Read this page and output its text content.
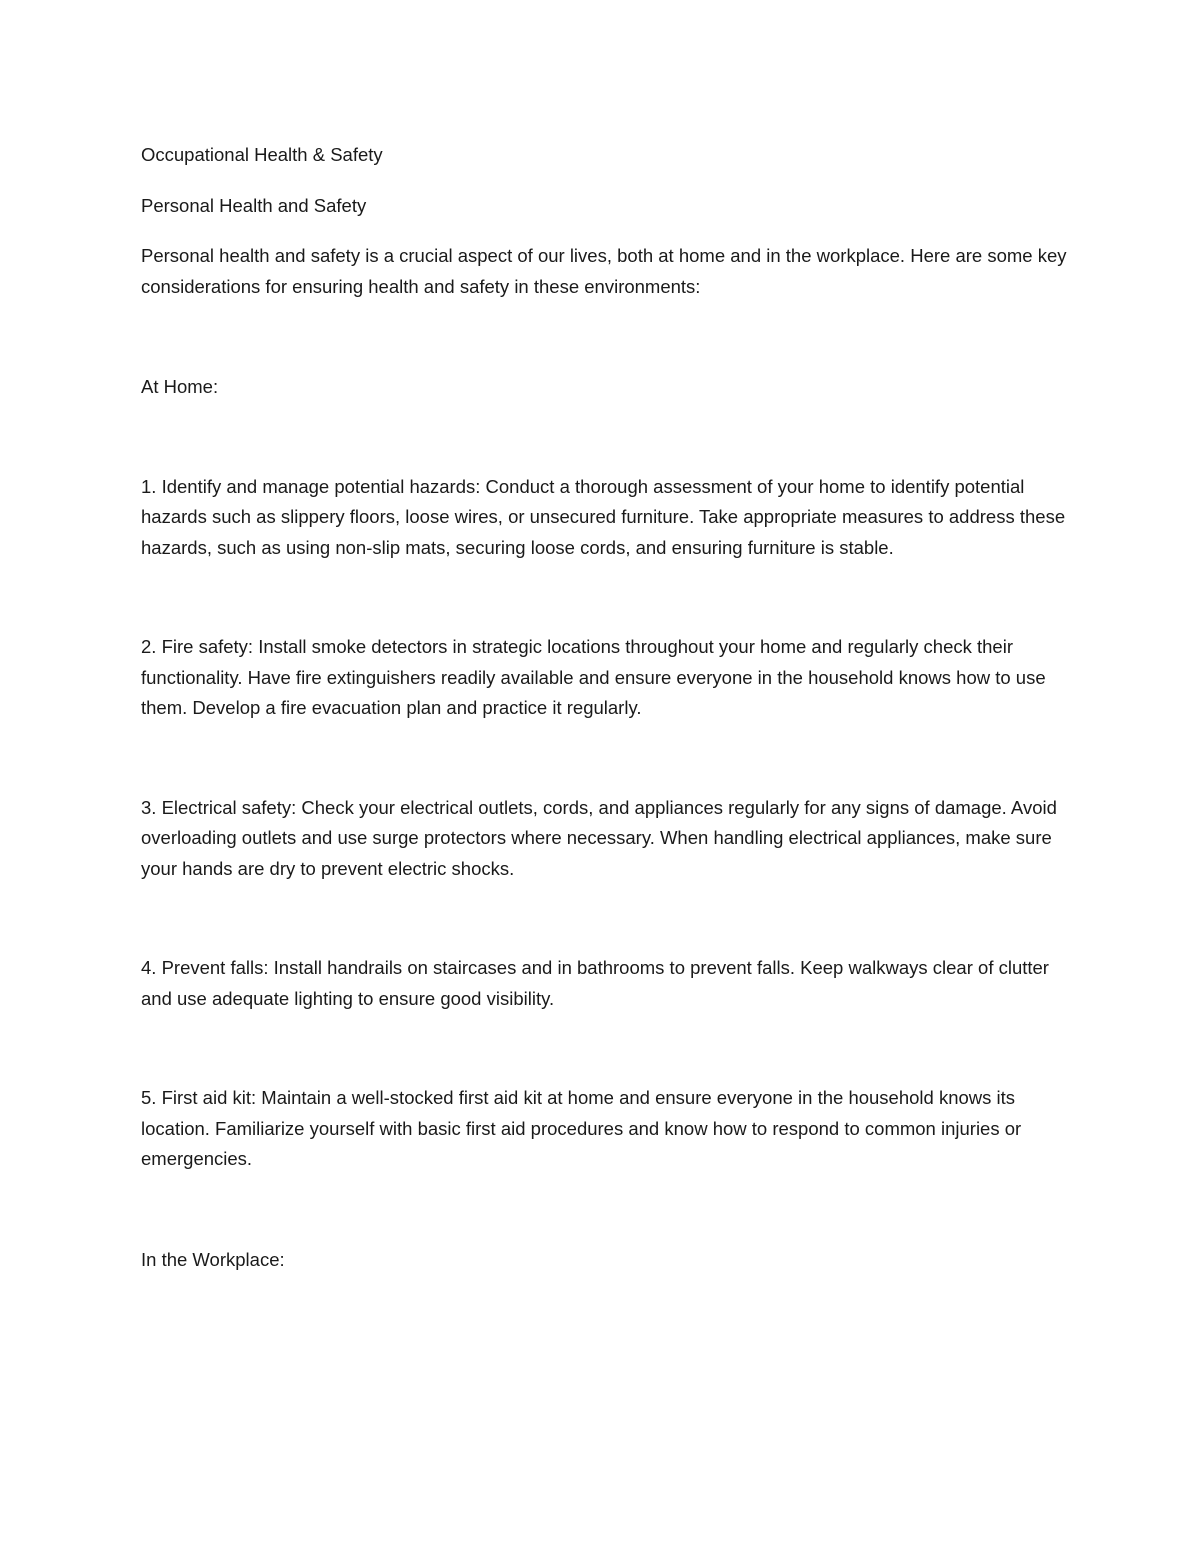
Occupational Health & Safety

Personal Health and Safety

Personal health and safety is a crucial aspect of our lives, both at home and in the workplace. Here are some key considerations for ensuring health and safety in these environments:

At Home:

1. Identify and manage potential hazards: Conduct a thorough assessment of your home to identify potential hazards such as slippery floors, loose wires, or unsecured furniture. Take appropriate measures to address these hazards, such as using non-slip mats, securing loose cords, and ensuring furniture is stable.

2. Fire safety: Install smoke detectors in strategic locations throughout your home and regularly check their functionality. Have fire extinguishers readily available and ensure everyone in the household knows how to use them. Develop a fire evacuation plan and practice it regularly.

3. Electrical safety: Check your electrical outlets, cords, and appliances regularly for any signs of damage. Avoid overloading outlets and use surge protectors where necessary. When handling electrical appliances, make sure your hands are dry to prevent electric shocks.

4. Prevent falls: Install handrails on staircases and in bathrooms to prevent falls. Keep walkways clear of clutter and use adequate lighting to ensure good visibility.

5. First aid kit: Maintain a well-stocked first aid kit at home and ensure everyone in the household knows its location. Familiarize yourself with basic first aid procedures and know how to respond to common injuries or emergencies.

In the Workplace:
